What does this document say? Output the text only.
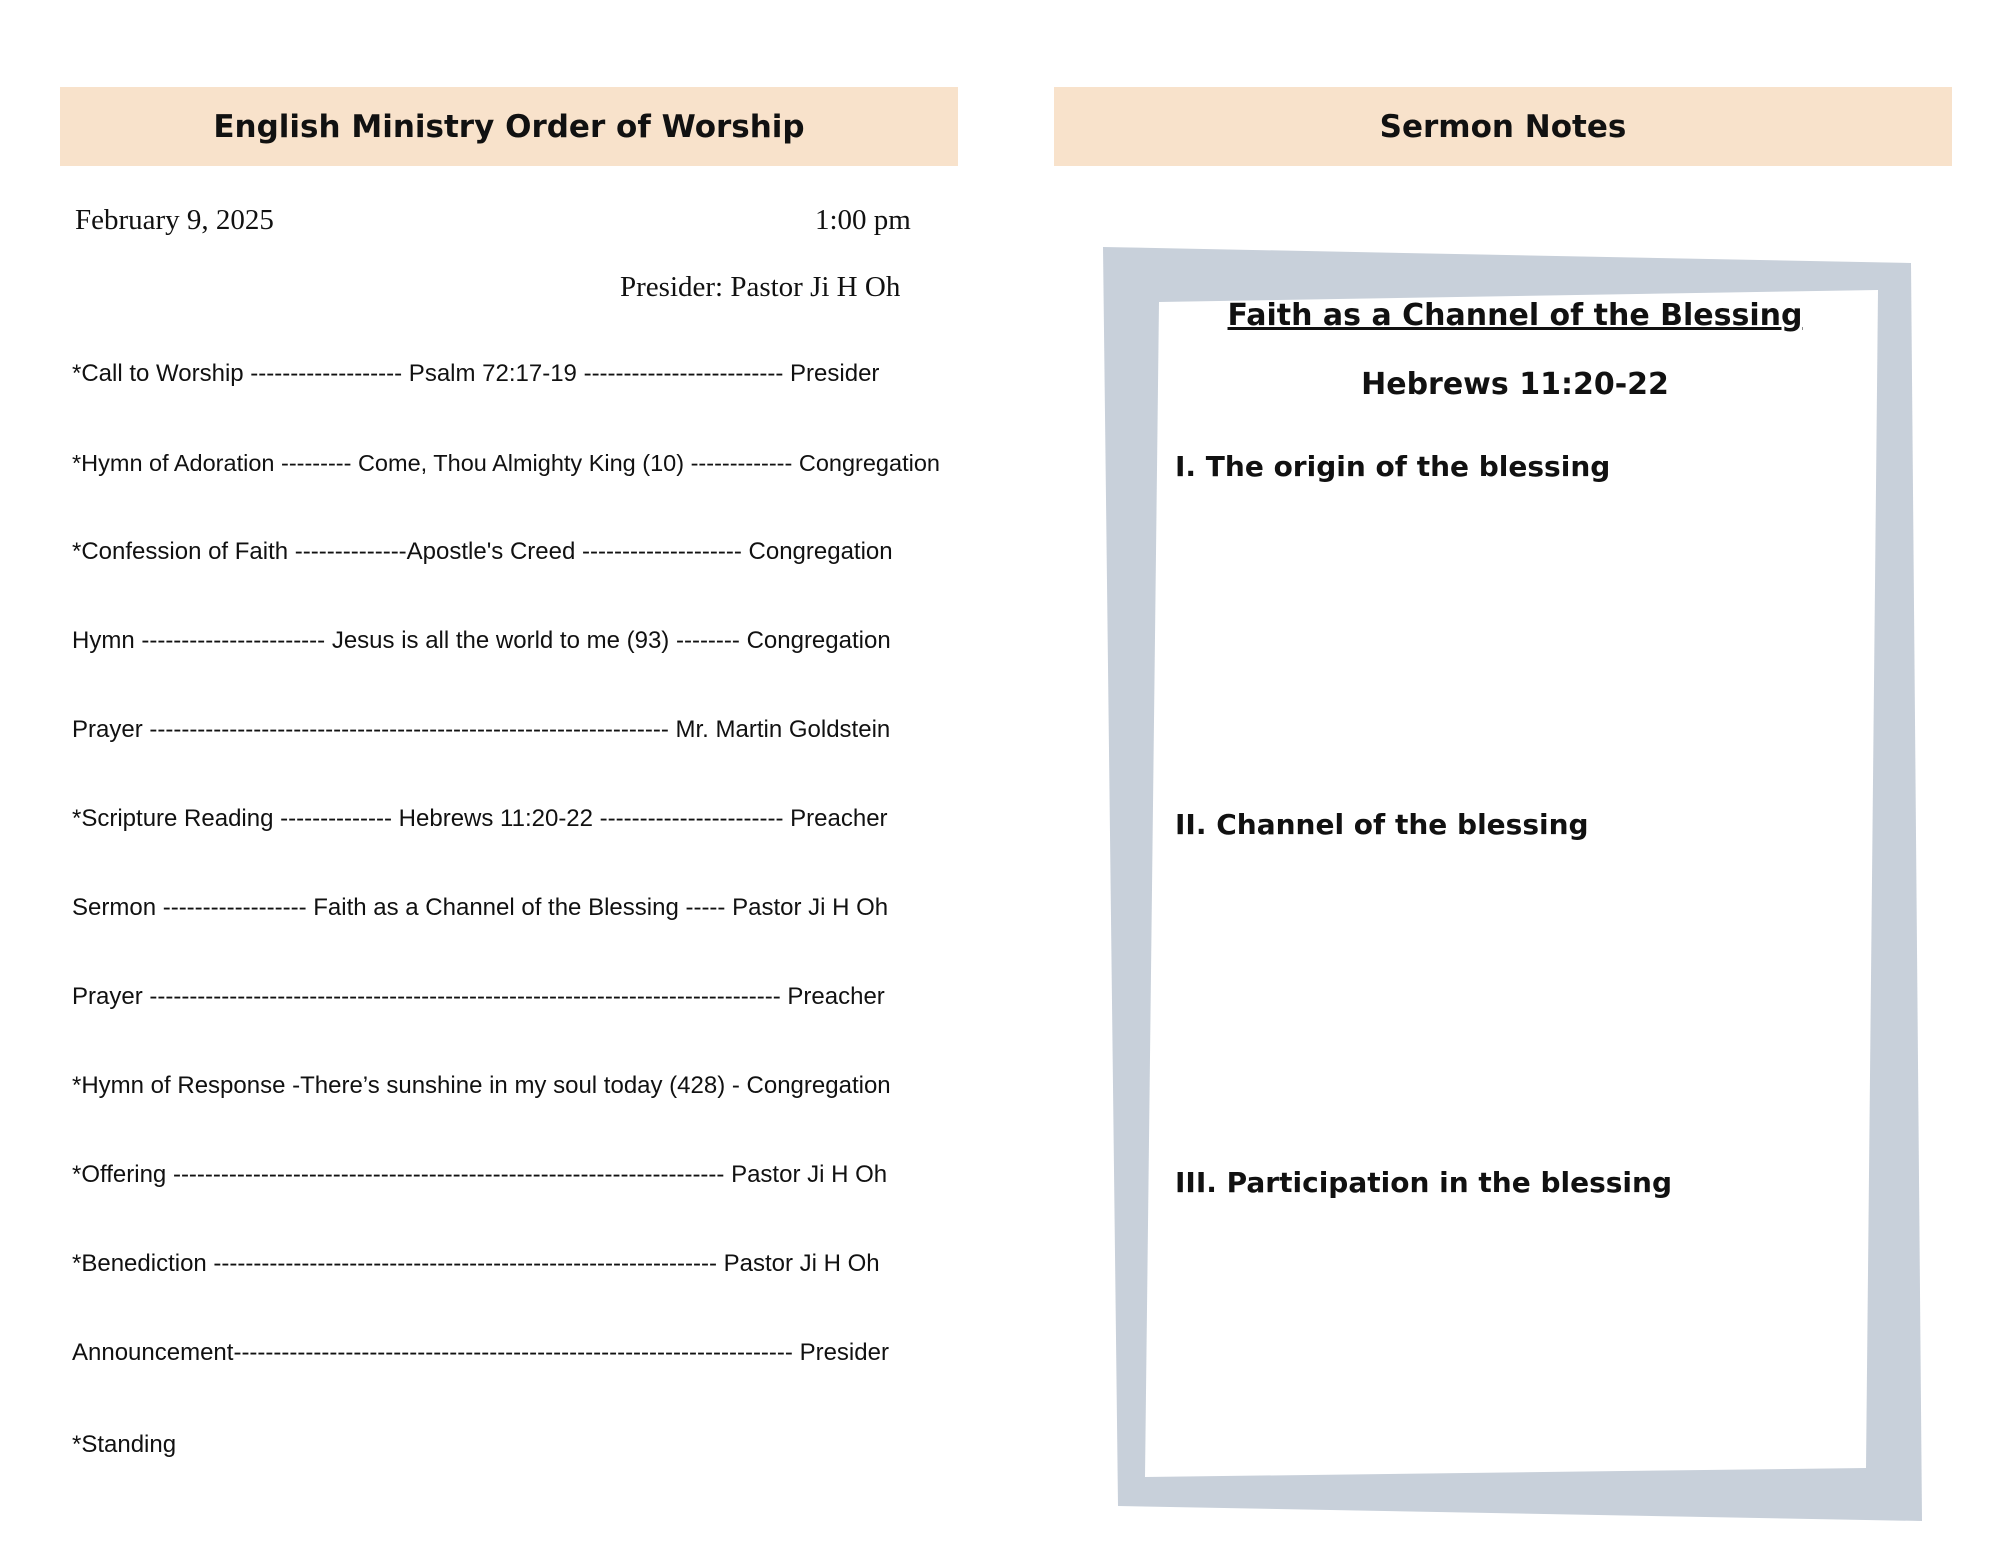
English Ministry Order of Worship
February 9, 2025	1:00 pm
Presider: Pastor Ji H Oh
*Call to Worship ------------------- Psalm 72:17-19 ------------------------- Presider
*Hymn of Adoration --------- Come, Thou Almighty King (10) ------------- Congregation
*Confession of Faith --------------Apostle's Creed -------------------- Congregation
Hymn ----------------------- Jesus is all the world to me (93) -------- Congregation
Prayer ----------------------------------------------------------------- Mr. Martin Goldstein
*Scripture Reading -------------- Hebrews 11:20-22 ----------------------- Preacher
Sermon ------------------ Faith as a Channel of the Blessing ----- Pastor Ji H Oh
Prayer ------------------------------------------------------------------------------- Preacher
*Hymn of Response -There’s sunshine in my soul today (428) - Congregation
*Offering --------------------------------------------------------------------- Pastor Ji H Oh
*Benediction --------------------------------------------------------------- Pastor Ji H Oh
Announcement---------------------------------------------------------------------- Presider
*Standing
Sermon Notes
Faith as a Channel of the Blessing
Hebrews 11:20-22
I. The origin of the blessing
II. Channel of the blessing
III. Participation in the blessing
